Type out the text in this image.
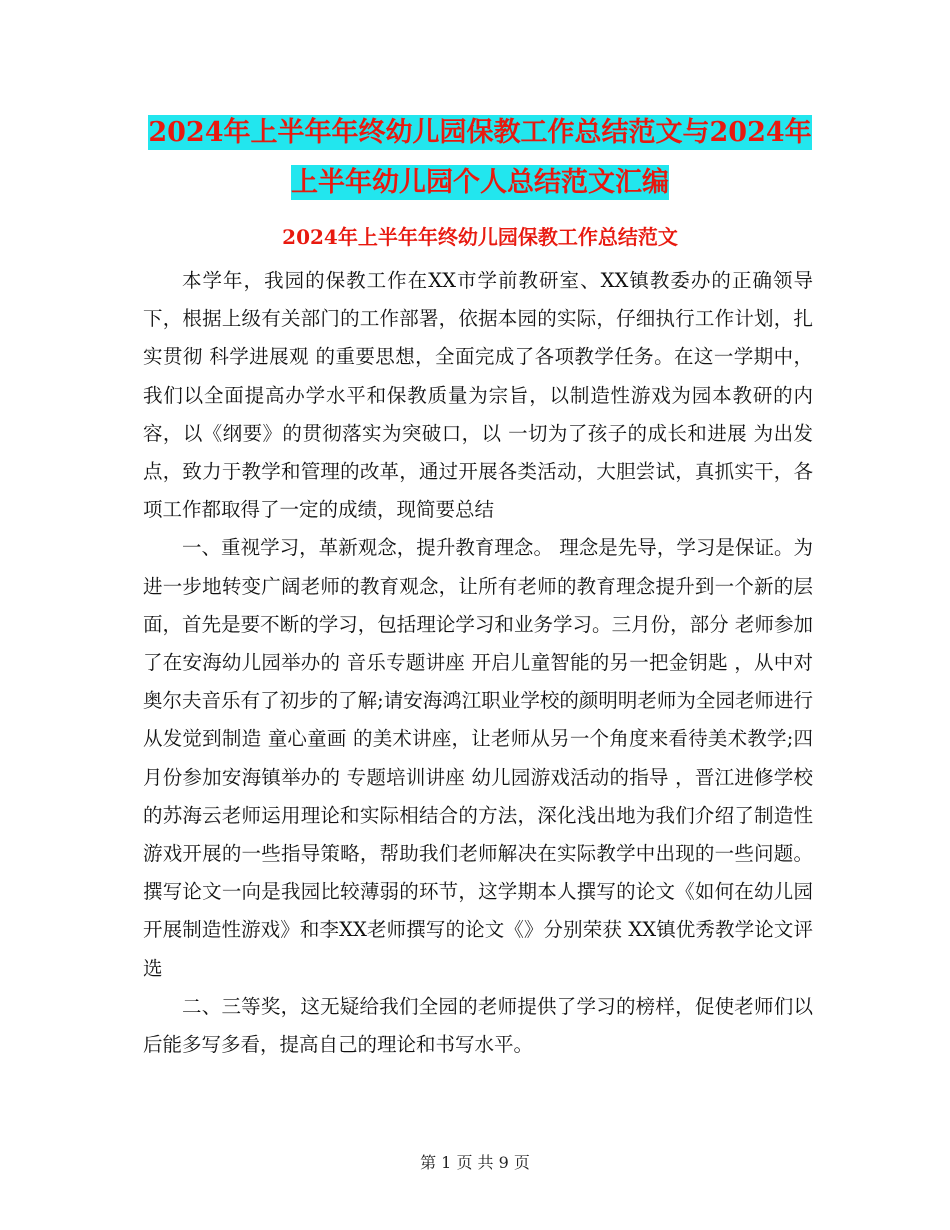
2024年上半年年终幼儿园保教工作总结范文与2024年
上半年幼儿园个人总结范文汇编
2024年上半年年终幼儿园保教工作总结范文

本学年，我园的保教工作在XX市学前教研室、XX镇教委办的正确领导下，根据上级有关部门的工作部署，依据本园的实际，仔细执行工作计划，扎实贯彻 科学进展观 的重要思想，全面完成了各项教学任务。在这一学期中，我们以全面提高办学水平和保教质量为宗旨，以制造性游戏为园本教研的内容，以《纲要》的贯彻落实为突破口，以 一切为了孩子的成长和进展 为出发点，致力于教学和管理的改革，通过开展各类活动，大胆尝试，真抓实干，各项工作都取得了一定的成绩，现简要总结

一、重视学习，革新观念，提升教育理念。 理念是先导，学习是保证。为进一步地转变广阔老师的教育观念，让所有老师的教育理念提升到一个新的层面，首先是要不断的学习，包括理论学习和业务学习。三月份，部分 老师参加了在安海幼儿园举办的 音乐专题讲座 开启儿童智能的另一把金钥匙 ，从中对奥尔夫音乐有了初步的了解;请安海鸿江职业学校的颜明明老师为全园老师进行 从发觉到制造 童心童画 的美术讲座，让老师从另一个角度来看待美术教学;四月份参加安海镇举办的 专题培训讲座 幼儿园游戏活动的指导 ，晋江进修学校的苏海云老师运用理论和实际相结合的方法，深化浅出地为我们介绍了制造性游戏开展的一些指导策略，帮助我们老师解决在实际教学中出现的一些问题。撰写论文一向是我园比较薄弱的环节，这学期本人撰写的论文《如何在幼儿园开展制造性游戏》和李XX老师撰写的论文《》分别荣获 XX镇优秀教学论文评选

二、三等奖，这无疑给我们全园的老师提供了学习的榜样，促使老师们以后能多写多看，提高自己的理论和书写水平。

第 1 页 共 9 页
